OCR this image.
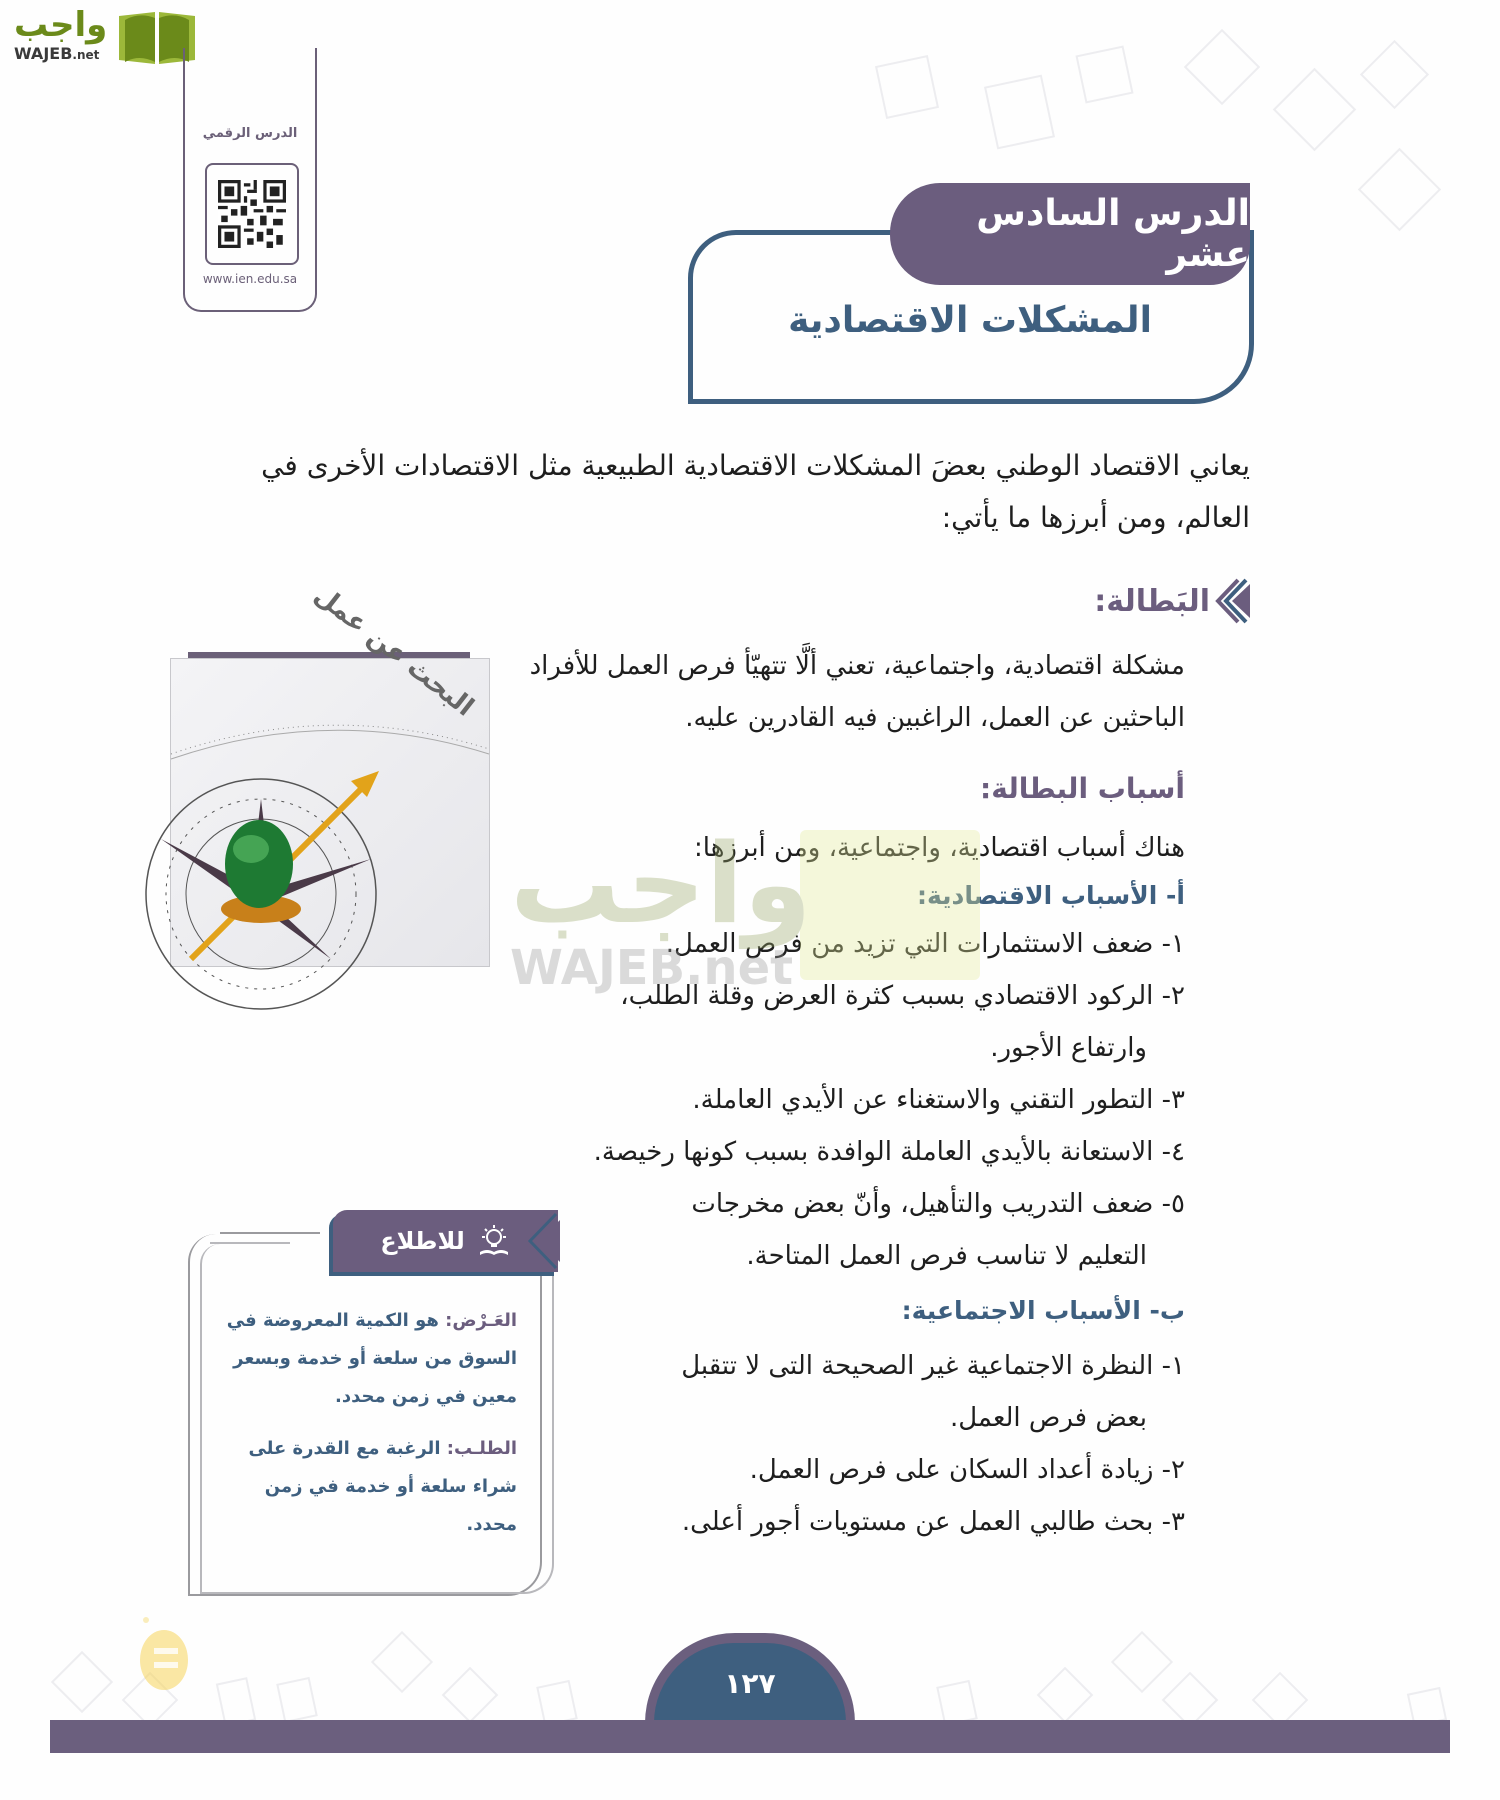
واجب
WAJEB.net
الدرس الرقمي
www.ien.edu.sa
الدرس السادس عشر
المشكلات الاقتصادية
يعاني الاقتصاد الوطني بعضَ المشكلات الاقتصادية الطبيعية مثل الاقتصادات الأخرى في العالم، ومن أبرزها ما يأتي:
البَطالة:
البحث عن عمل	مشكلة اقتصادية، واجتماعية، تعني ألَّا تتهيّأ فرص العمل للأفراد الباحثين عن العمل، الراغبين فيه القادرين عليه.
أسباب البطالة:
هناك أسباب اقتصادية، واجتماعية، ومن أبرزها:
أ- الأسباب الاقتصادية:
١- ضعف الاستثمارات التي تزيد من فرص العمل.
٢- الركود الاقتصادي بسبب كثرة العرض وقلة الطلب،
وارتفاع الأجور.
٣- التطور التقني والاستغناء عن الأيدي العاملة.
٤- الاستعانة بالأيدي العاملة الوافدة بسبب كونها رخيصة.
٥- ضعف التدريب والتأهيل، وأنّ بعض مخرجات
التعليم لا تناسب فرص العمل المتاحة.
ب- الأسباب الاجتماعية:
١- النظرة الاجتماعية غير الصحيحة التى لا تتقبل
بعض فرص العمل.
٢- زيادة أعداد السكان على فرص العمل.
٣- بحث طالبي العمل عن مستويات أجور أعلى.
واجب
WAJEB.net
للاطلاع
العَـرْض: هو الكمية المعروضة في السوق من سلعة أو خدمة وبسعر معين في زمن محدد.
الطلـب: الرغبة مع القدرة على شراء سلعة أو خدمة في زمن محدد.
١٢٧
